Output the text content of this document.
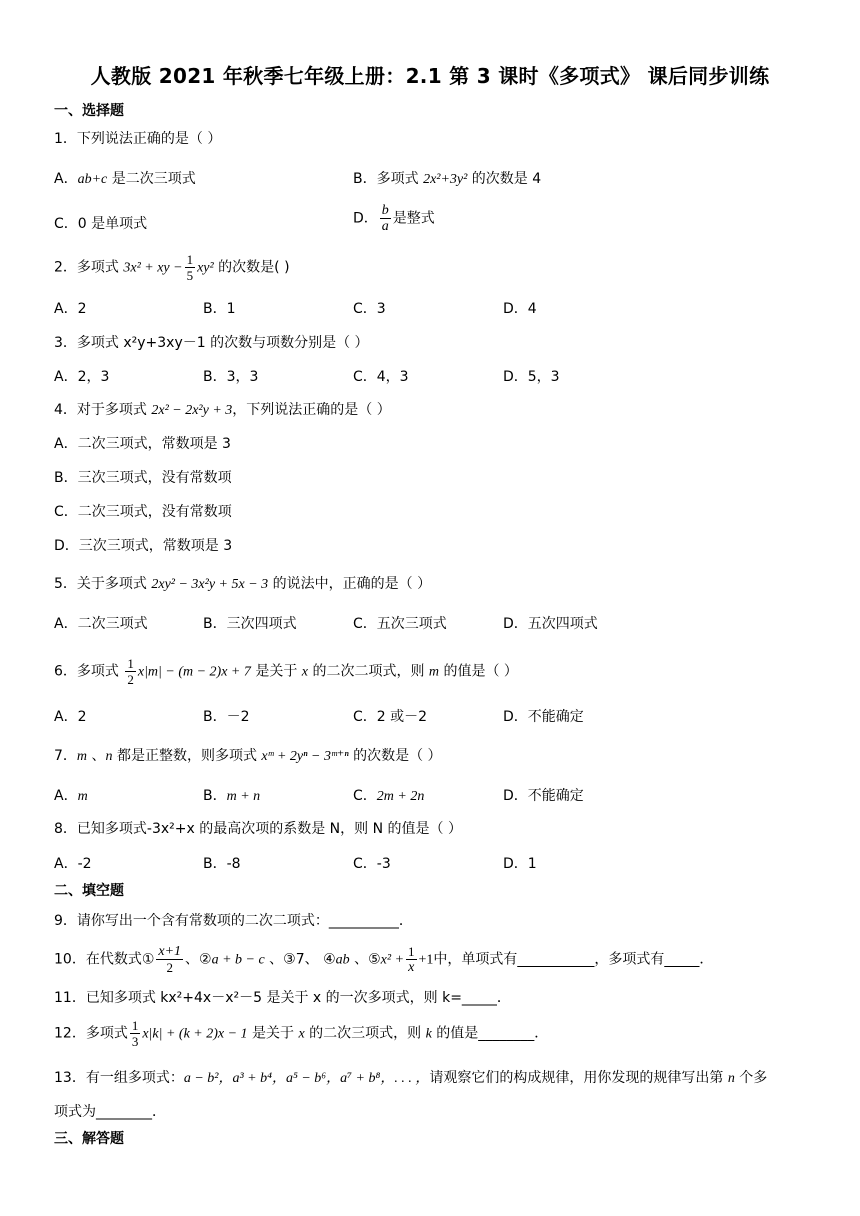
人教版 2021 年秋季七年级上册：2.1 第 3 课时《多项式》 课后同步训练
一、选择题
1．下列说法正确的是（ ）
A．ab+c 是二次三项式	B．多项式 2x²+3y² 的次数是 4
C．0 是单项式	D． $\frac{b}{a}$ 是整式
2．多项式 3x² + xy − $\frac{1}{5} xy^2$ 的次数是( )
A．2	B．1	C．3	D．4
3．多项式 x²y+3xy－1 的次数与项数分别是（ ）
A．2，3	B．3，3	C．4，3	D．5，3
4．对于多项式 2x² − 2x²y + 3，下列说法正确的是（ ）
A．二次三项式，常数项是 3
B．三次三项式，没有常数项
C．二次三项式，没有常数项
D．三次三项式，常数项是 3
5．关于多项式 2xy² − 3x²y + 5x − 3 的说法中，正确的是（ ）
A．二次三项式	B．三次四项式	C．五次三项式	D．五次四项式
6．多项式 $\frac{1}{2} x|m| - (m - 2)x + 7$ 是关于 x 的二次二项式，则 m 的值是（ ）
A．2	B．－2	C．2 或－2	D．不能确定
7．m 、n 都是正整数，则多项式 xᵐ + 2yⁿ − 3ᵐ⁺ⁿ 的次数是（ ）
A．m	B．m + n	C．2m + 2n	D．不能确定
8．已知多项式-3x²+x 的最高次项的系数是 N，则 N 的值是（ ）
A．-2	B．-8	C．-3	D．1
二、填空题
9．请你写出一个含有常数项的二次二项式：__________．
10．在代数式① $\frac{x+1}{2}$ 、②a + b − c 、③7、 ④ab 、⑤x² + $\frac{1}{x} +1$中，单项式有___________，多项式有_____．
11．已知多项式 kx²+4x－x²－5 是关于 x 的一次多项式，则 k=_____．
12．多项式 $\frac{1}{3} x|k| + (k + 2)x - 1$ 是关于 x 的二次三项式，则 k 的值是________．
13．有一组多项式：a − b²，a³ + b⁴，a⁵ − b⁶，a⁷ + b⁸，. . . ，请观察它们的构成规律，用你发现的规律写出第 n 个多
项式为________．
三、解答题
